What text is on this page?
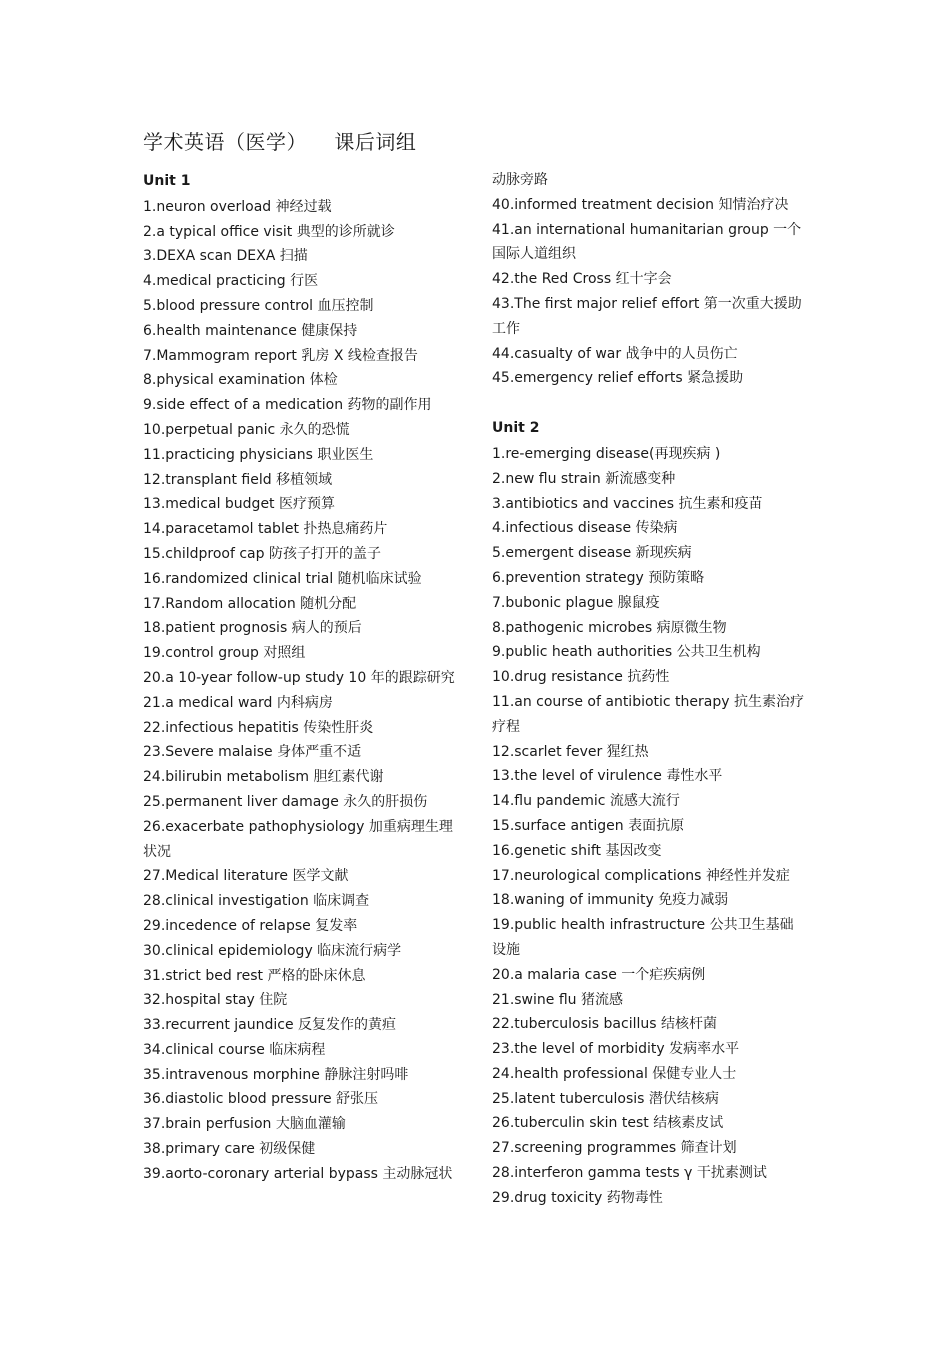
学术英语（医学）    课后词组
Unit 1
1.neuron overload 神经过载
2.a typical office visit 典型的诊所就诊
3.DEXA scan DEXA 扫描
4.medical practicing 行医
5.blood pressure control 血压控制
6.health maintenance 健康保持
7.Mammogram report 乳房 X 线检查报告
8.physical examination 体检
9.side effect of a medication 药物的副作用
10.perpetual panic 永久的恐慌
11.practicing physicians 职业医生
12.transplant field 移植领域
13.medical budget 医疗预算
14.paracetamol tablet 扑热息痛药片
15.childproof cap 防孩子打开的盖子
16.randomized clinical trial 随机临床试验
17.Random allocation 随机分配
18.patient prognosis 病人的预后
19.control group 对照组
20.a 10-year follow-up study 10 年的跟踪研究
21.a medical ward 内科病房
22.infectious hepatitis 传染性肝炎
23.Severe malaise 身体严重不适
24.bilirubin metabolism 胆红素代谢
25.permanent liver damage 永久的肝损伤
26.exacerbate pathophysiology 加重病理生理状况
27.Medical literature 医学文献
28.clinical investigation 临床调查
29.incedence of relapse 复发率
30.clinical epidemiology 临床流行病学
31.strict bed rest 严格的卧床休息
32.hospital stay 住院
33.recurrent jaundice 反复发作的黄疸
34.clinical course 临床病程
35.intravenous morphine 静脉注射吗啡
36.diastolic blood pressure 舒张压
37.brain perfusion 大脑血灌输
38.primary care 初级保健
39.aorto-coronary arterial bypass 主动脉冠状
动脉旁路
40.informed treatment decision 知情治疗决
41.an international humanitarian group 一个国际人道组织
42.the Red Cross 红十字会
43.The first major relief effort 第一次重大援助工作
44.casualty of war 战争中的人员伤亡
45.emergency relief efforts 紧急援助
Unit 2
1.re-emerging disease(再现疾病 )
2.new flu strain 新流感变种
3.antibiotics and vaccines 抗生素和疫苗
4.infectious disease 传染病
5.emergent disease 新现疾病
6.prevention strategy 预防策略
7.bubonic plague 腺鼠疫
8.pathogenic microbes 病原微生物
9.public heath authorities 公共卫生机构
10.drug resistance 抗药性
11.an course of antibiotic therapy 抗生素治疗疗程
12.scarlet fever 猩红热
13.the level of virulence 毒性水平
14.flu pandemic 流感大流行
15.surface antigen 表面抗原
16.genetic shift 基因改变
17.neurological complications 神经性并发症
18.waning of immunity 免疫力减弱
19.public health infrastructure 公共卫生基础设施
20.a malaria case 一个疟疾病例
21.swine flu 猪流感
22.tuberculosis bacillus 结核杆菌
23.the level of morbidity 发病率水平
24.health professional 保健专业人士
25.latent tuberculosis 潜伏结核病
26.tuberculin skin test 结核素皮试
27.screening programmes 筛查计划
28.interferon gamma tests γ 干扰素测试
29.drug toxicity 药物毒性
